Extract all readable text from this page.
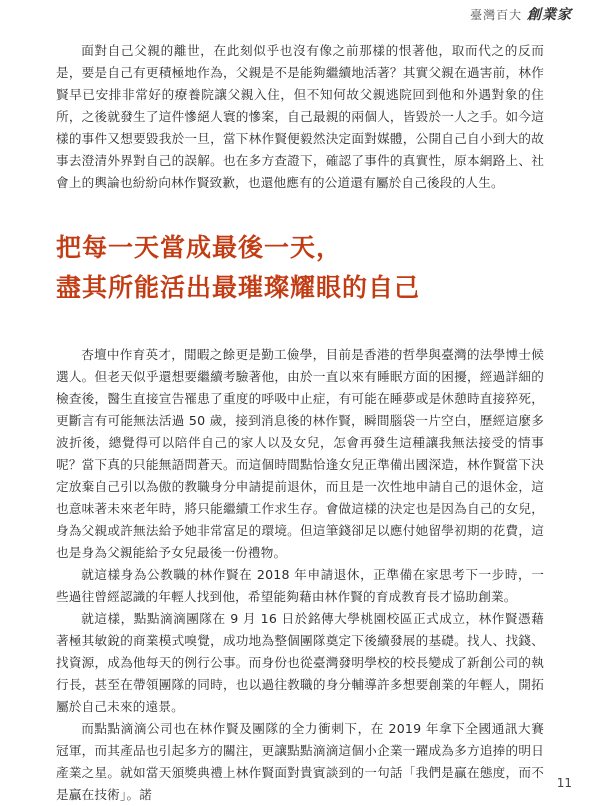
臺灣百大 創業家

面對自己父親的離世，在此刻似乎也沒有像之前那樣的恨著他，取而代之的反而是，要是自己有更積極地作為，父親是不是能夠繼續地活著？其實父親在過害前，林作賢早已安排非常好的療養院讓父親入住，但不知何故父親逃院回到他和外遇對象的住所，之後就發生了這件慘絕人寰的慘案，自己最親的兩個人，皆毀於一人之手。如今這樣的事件又想要毀我於一旦，當下林作賢便毅然決定面對媒體，公開自己自小到大的故事去澄清外界對自己的誤解。也在多方查證下，確認了事件的真實性，原本網路上、社會上的輿論也紛紛向林作賢致歉，也還他應有的公道還有屬於自己後段的人生。

把每一天當成最後一天，
盡其所能活出最璀璨耀眼的自己

杏壇中作育英才，閒暇之餘更是勤工儉學，目前是香港的哲學與臺灣的法學博士候選人。但老天似乎還想要繼續考驗著他，由於一直以來有睡眠方面的困擾，經過詳細的檢查後，醫生直接宣告罹患了重度的呼吸中止症，有可能在睡夢或是休憩時直接猝死，更斷言有可能無法活過 50 歲，接到消息後的林作賢，瞬間腦袋一片空白，歷經這麼多波折後，總覺得可以陪伴自己的家人以及女兒，怎會再發生這種讓我無法接受的情事呢？當下真的只能無語問蒼天。而這個時間點恰逢女兒正準備出國深造，林作賢當下決定放棄自己引以為傲的教職身分申請提前退休，而且是一次性地申請自己的退休金，這也意味著未來老年時，將只能繼續工作求生存。會做這樣的決定也是因為自己的女兒，身為父親或許無法給予她非常富足的環境。但這筆錢卻足以應付她留學初期的花費，這也是身為父親能給予女兒最後一份禮物。

就這樣身為公教職的林作賢在 2018 年申請退休，正準備在家思考下一步時，一些過往曾經認識的年輕人找到他，希望能夠藉由林作賢的育成教育長才協助創業。

就這樣，點點滴滴團隊在 9 月 16 日於銘傳大學桃園校區正式成立，林作賢憑藉著極其敏銳的商業模式嗅覺，成功地為整個團隊奠定下後續發展的基礎。找人、找錢、找資源，成為他每天的例行公事。而身份也從臺灣發明學校的校長變成了新創公司的執行長，甚至在帶領團隊的同時，也以過往教職的身分輔導許多想要創業的年輕人，開拓屬於自己未來的遠景。

而點點滴滴公司也在林作賢及團隊的全力衝刺下，在 2019 年拿下全國通訊大賽冠軍，而其產品也引起多方的關注，更讓點點滴滴這個小企業一躍成為多方追捧的明日產業之星。就如當天頒獎典禮上林作賢面對貴賓談到的一句話「我們是贏在態度，而不是贏在技術」。諾

11
